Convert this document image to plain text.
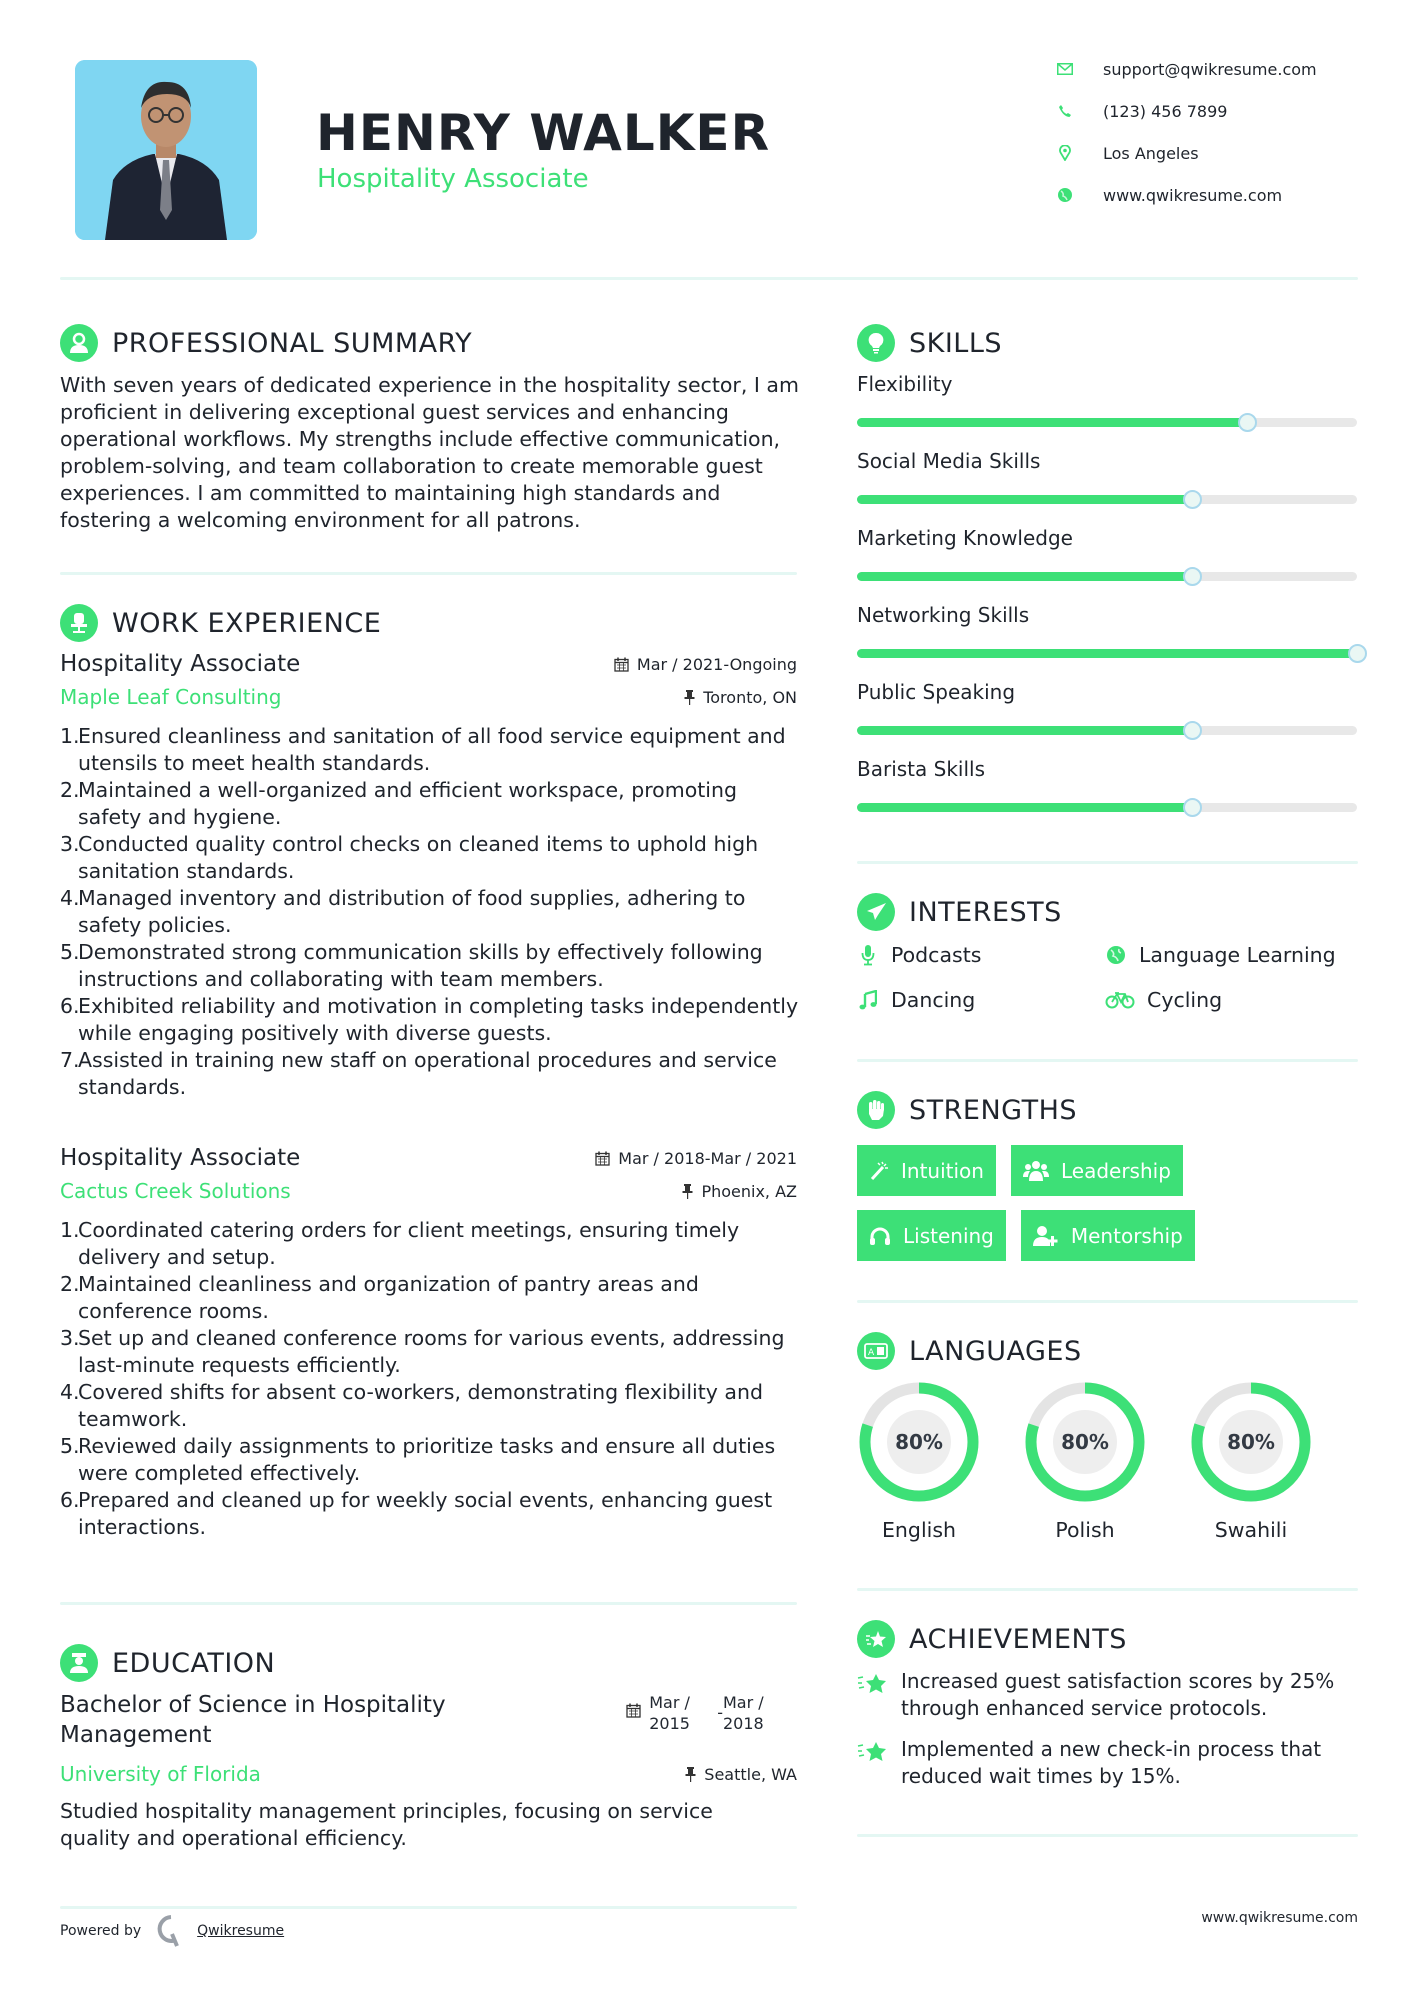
HENRY WALKER
Hospitality Associate
support@qwikresume.com
(123) 456 7899
Los Angeles
www.qwikresume.com
PROFESSIONAL SUMMARY
With seven years of dedicated experience in the hospitality sector, I am proficient in delivering exceptional guest services and enhancing operational workflows. My strengths include effective communication, problem-solving, and team collaboration to create memorable guest experiences. I am committed to maintaining high standards and fostering a welcoming environment for all patrons.
WORK EXPERIENCE
Hospitality Associate	Mar / 2021-Ongoing
Maple Leaf Consulting	Toronto, ON
1.
Ensured cleanliness and sanitation of all food service equipment and utensils to meet health standards.
2.
Maintained a well-organized and efficient workspace, promoting safety and hygiene.
3.
Conducted quality control checks on cleaned items to uphold high sanitation standards.
4.
Managed inventory and distribution of food supplies, adhering to safety policies.
5.
Demonstrated strong communication skills by effectively following instructions and collaborating with team members.
6.
Exhibited reliability and motivation in completing tasks independently while engaging positively with diverse guests.
7.
Assisted in training new staff on operational procedures and service standards.
Hospitality Associate	Mar / 2018-Mar / 2021
Cactus Creek Solutions	Phoenix, AZ
1.
Coordinated catering orders for client meetings, ensuring timely delivery and setup.
2.
Maintained cleanliness and organization of pantry areas and conference rooms.
3.
Set up and cleaned conference rooms for various events, addressing last-minute requests efficiently.
4.
Covered shifts for absent co-workers, demonstrating flexibility and teamwork.
5.
Reviewed daily assignments to prioritize tasks and ensure all duties were completed effectively.
6.
Prepared and cleaned up for weekly social events, enhancing guest interactions.
EDUCATION
Bachelor of Science in Hospitality Management
Mar / 2015
-
Mar / 2018
University of Florida	Seattle, WA
Studied hospitality management principles, focusing on service quality and operational efficiency.
SKILLS
Flexibility
Social Media Skills
Marketing Knowledge
Networking Skills
Public Speaking
Barista Skills
INTERESTS
Podcasts	Language Learning
Dancing	Cycling
STRENGTHS
Intuition	Leadership
Listening	Mentorship
A LANGUAGES
80%
English
80%
Polish
80%
Swahili
ACHIEVEMENTS
Increased guest satisfaction scores by 25% through enhanced service protocols.
Implemented a new check-in process that reduced wait times by 15%.
Powered by	Qwikresume
www.qwikresume.com
